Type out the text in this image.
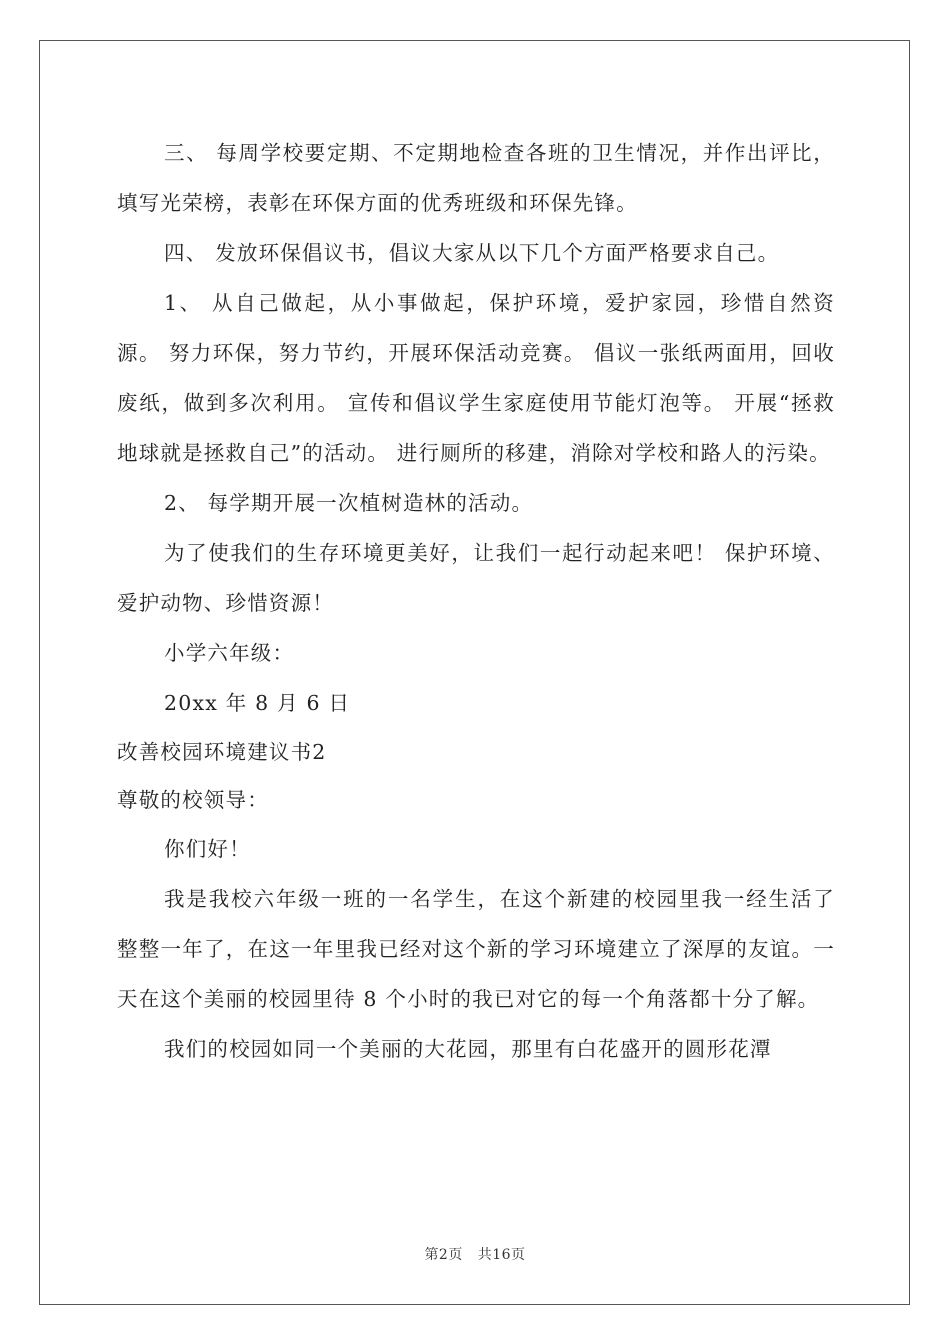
三、 每周学校要定期、不定期地检查各班的卫生情况，并作出评比，填写光荣榜，表彰在环保方面的优秀班级和环保先锋。

四、 发放环保倡议书，倡议大家从以下几个方面严格要求自己。

1、 从自己做起，从小事做起，保护环境，爱护家园，珍惜自然资源。 努力环保，努力节约，开展环保活动竞赛。 倡议一张纸两面用，回收废纸，做到多次利用。 宣传和倡议学生家庭使用节能灯泡等。 开展“拯救地球就是拯救自己”的活动。 进行厕所的移建，消除对学校和路人的污染。

2、 每学期开展一次植树造林的活动。

为了使我们的生存环境更美好，让我们一起行动起来吧！ 保护环境、爱护动物、珍惜资源！

小学六年级：

20xx 年 8 月 6 日

改善校园环境建议书2

尊敬的校领导：

你们好！

我是我校六年级一班的一名学生，在这个新建的校园里我一经生活了整整一年了，在这一年里我已经对这个新的学习环境建立了深厚的友谊。一天在这个美丽的校园里待 8 个小时的我已对它的每一个角落都十分了解。

我们的校园如同一个美丽的大花园，那里有白花盛开的圆形花潭

第2页 共16页
